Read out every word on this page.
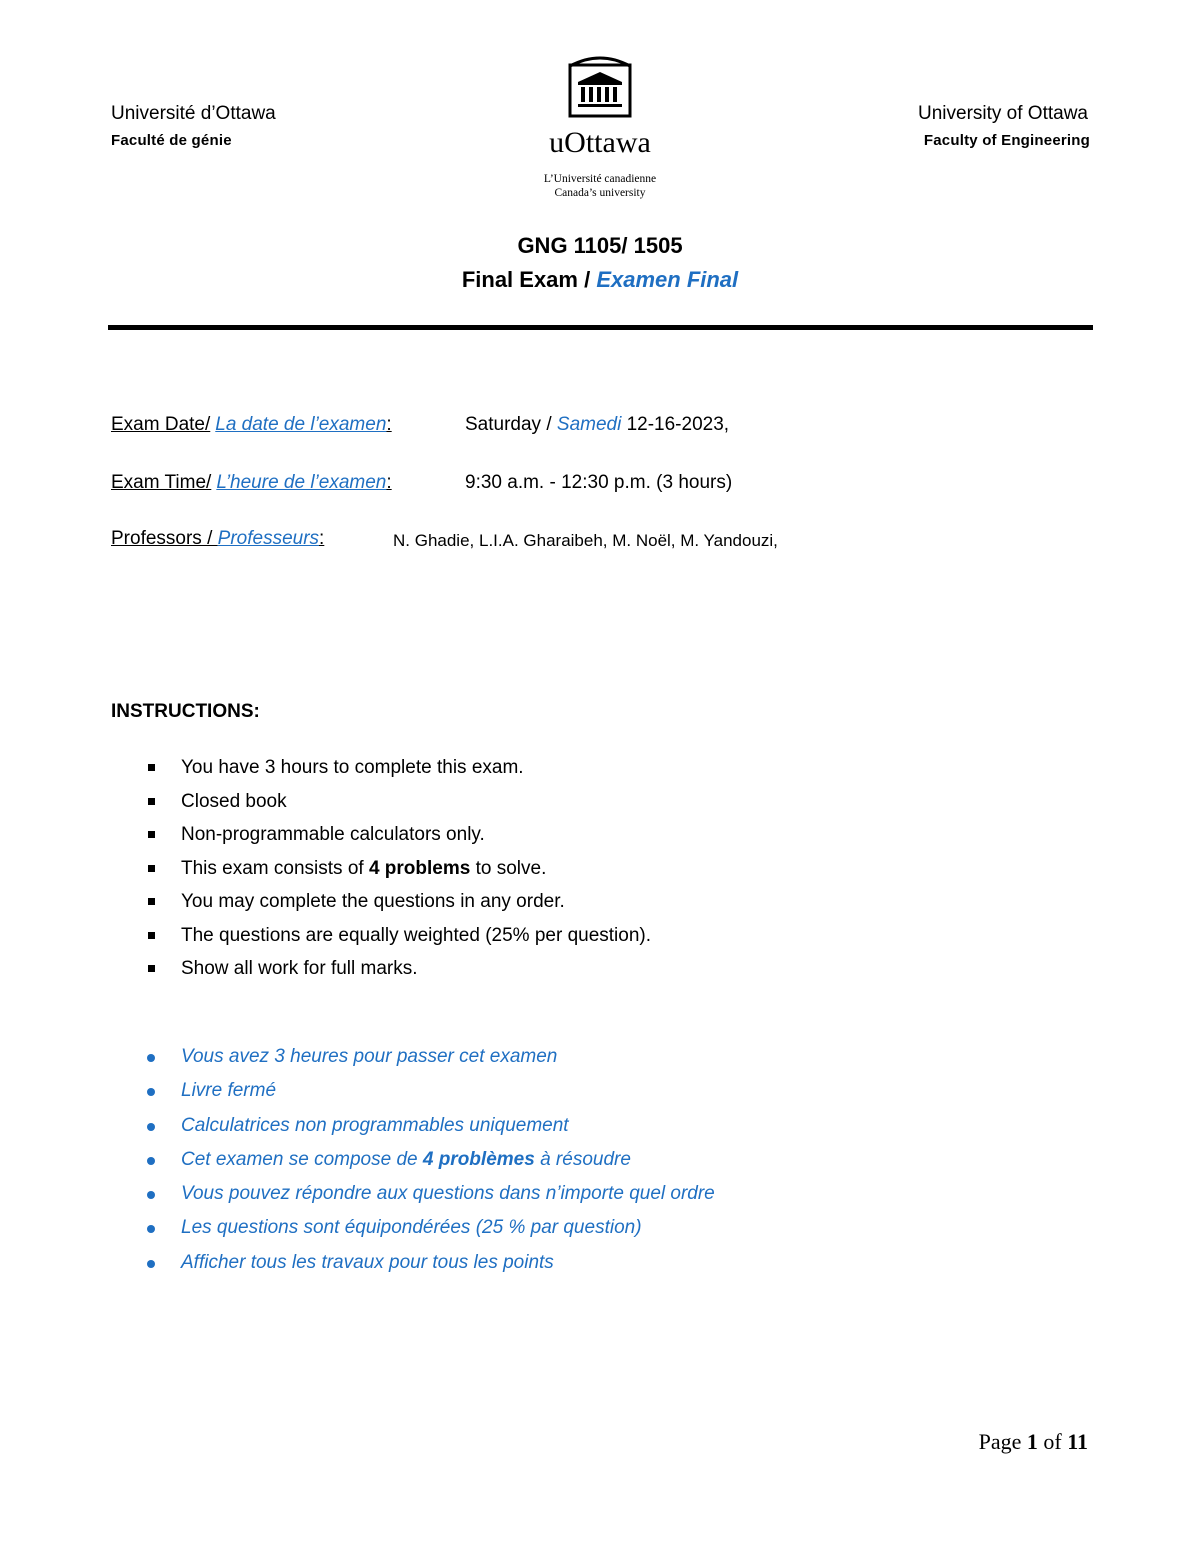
Université d’Ottawa
Faculté de génie
University of Ottawa
Faculty of Engineering
uOttawa
L’Université canadienne
Canada’s university
GNG 1105/ 1505
Final Exam / Examen Final
Exam Date/ La date de l’examen:	Saturday / Samedi 12-16-2023,
Exam Time/ L’heure de l’examen:	9:30 a.m. - 12:30 p.m. (3 hours)
Professors / Professeurs:	N. Ghadie, L.I.A. Gharaibeh, M. Noël, M. Yandouzi,
INSTRUCTIONS:
You have 3 hours to complete this exam.
Closed book
Non-programmable calculators only.
This exam consists of 4 problems to solve.
You may complete the questions in any order.
The questions are equally weighted (25% per question).
Show all work for full marks.
Vous avez 3 heures pour passer cet examen
Livre fermé
Calculatrices non programmables uniquement
Cet examen se compose de 4 problèmes à résoudre
Vous pouvez répondre aux questions dans n’importe quel ordre
Les questions sont équipondérées (25 % par question)
Afficher tous les travaux pour tous les points
Page 1 of 11
